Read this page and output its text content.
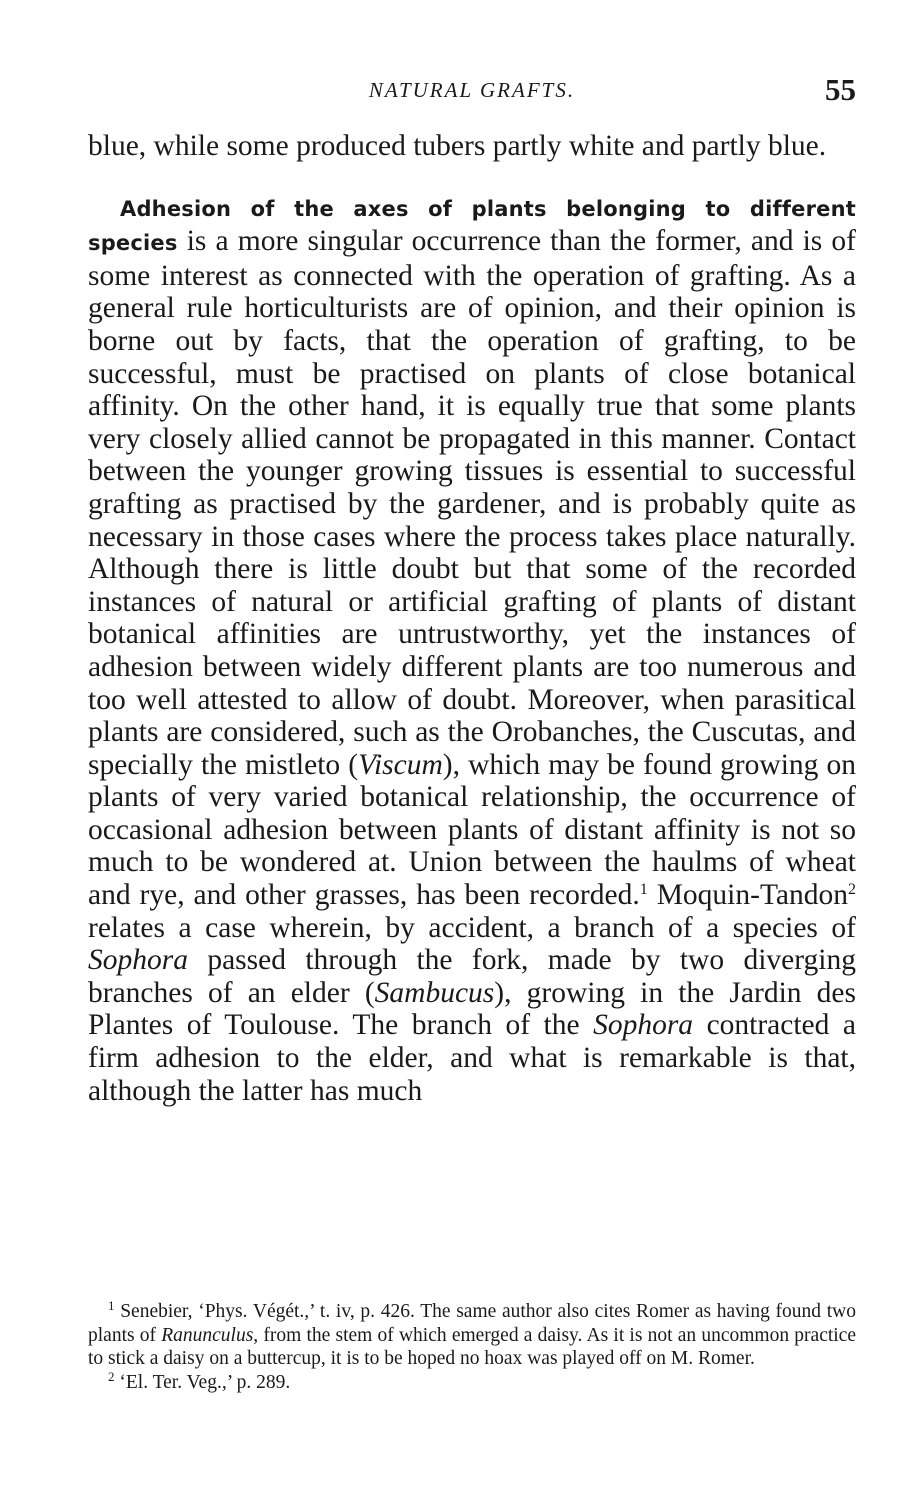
NATURAL GRAFTS.	55

blue, while some produced tubers partly white and partly blue.

Adhesion of the axes of plants belonging to different species is a more singular occurrence than the former, and is of some interest as connected with the operation of grafting. As a general rule horticulturists are of opinion, and their opinion is borne out by facts, that the operation of grafting, to be successful, must be practised on plants of close botanical affinity. On the other hand, it is equally true that some plants very closely allied cannot be propagated in this manner. Contact between the younger growing tissues is essential to successful grafting as practised by the gardener, and is probably quite as necessary in those cases where the process takes place naturally. Although there is little doubt but that some of the recorded instances of natural or artificial grafting of plants of distant botanical affinities are untrustworthy, yet the instances of adhesion between widely different plants are too numerous and too well attested to allow of doubt. Moreover, when parasitical plants are considered, such as the Orobanches, the Cuscutas, and specially the mistleto (Viscum), which may be found growing on plants of very varied botanical relationship, the occurrence of occasional adhesion between plants of distant affinity is not so much to be wondered at. Union between the haulms of wheat and rye, and other grasses, has been recorded.$^1$ Moquin-Tandon$^2$ relates a case wherein, by accident, a branch of a species of Sophora passed through the fork, made by two diverging branches of an elder (Sambucus), growing in the Jardin des Plantes of Toulouse. The branch of the Sophora contracted a firm adhesion to the elder, and what is remarkable is that, although the latter has much

$^1$ Senebier, ‘Phys. Végét.,’ t. iv, p. 426. The same author also cites Romer as having found two plants of Ranunculus, from the stem of which emerged a daisy. As it is not an uncommon practice to stick a daisy on a buttercup, it is to be hoped no hoax was played off on M. Romer.

$^2$ ‘El. Ter. Veg.,’ p. 289.
